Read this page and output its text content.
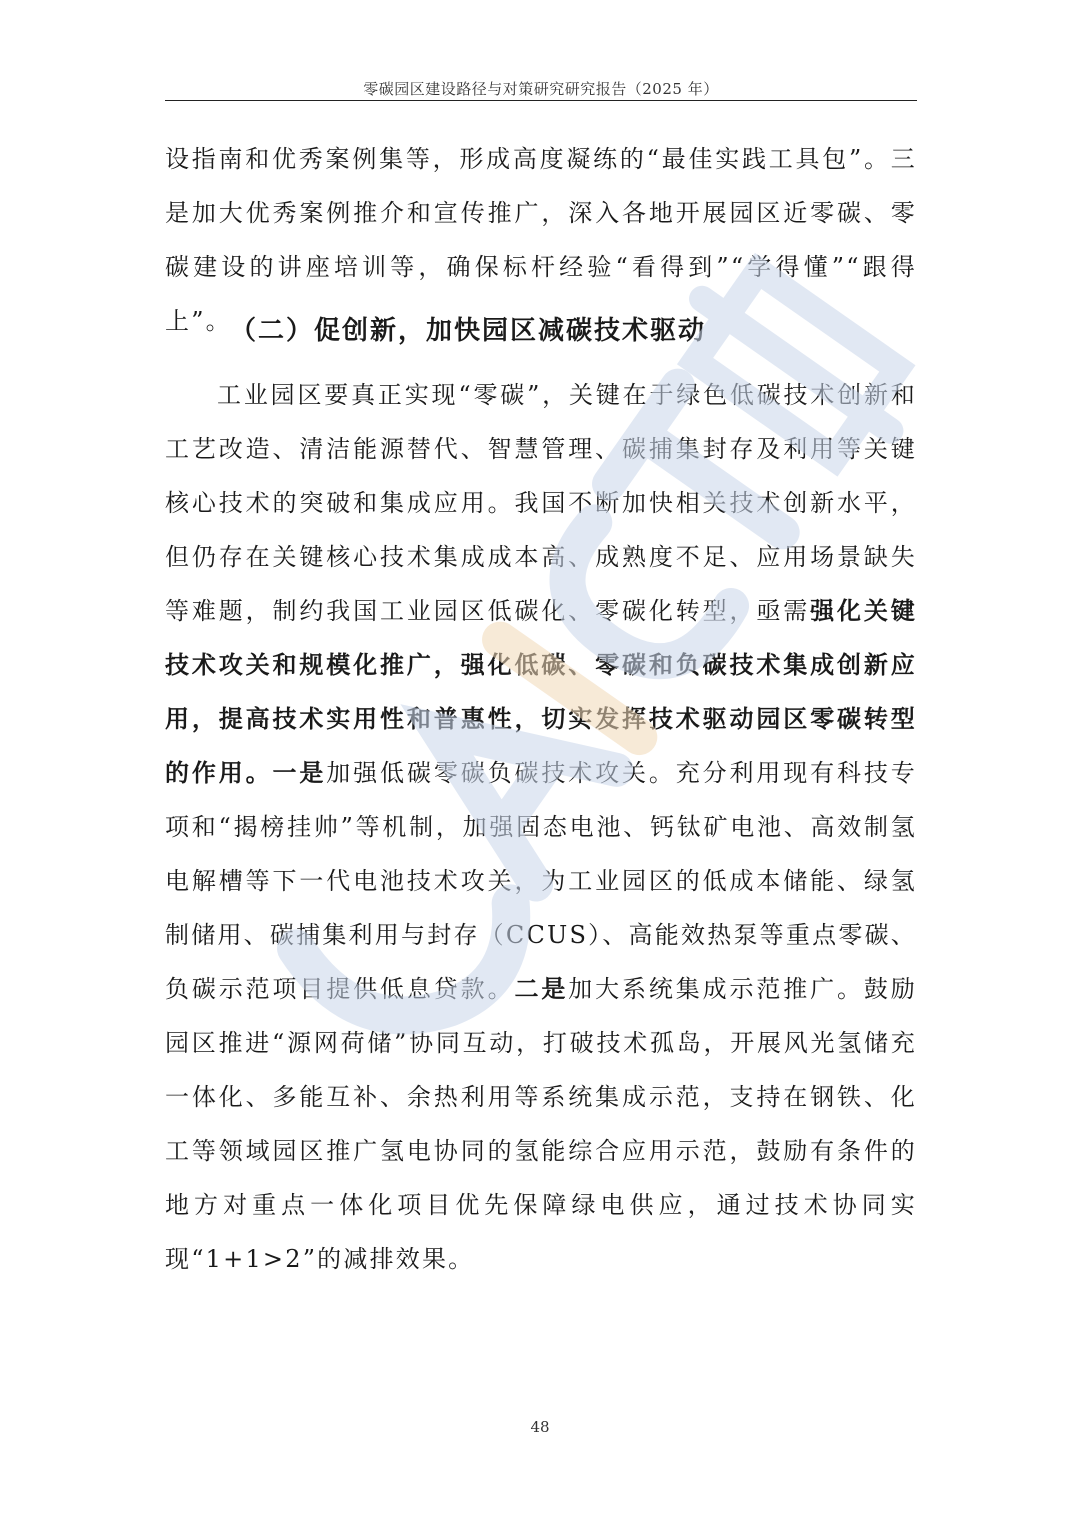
零碳园区建设路径与对策研究研究报告（2025 年）
设指南和优秀案例集等，形成高度凝练的“最佳实践工具包”。三是加大优秀案例推介和宣传推广，深入各地开展园区近零碳、零碳建设的讲座培训等，确保标杆经验“看得到”“学得懂”“跟得上”。
（二）促创新，加快园区减碳技术驱动
工业园区要真正实现“零碳”，关键在于绿色低碳技术创新和工艺改造、清洁能源替代、智慧管理、碳捕集封存及利用等关键核心技术的突破和集成应用。我国不断加快相关技术创新水平，但仍存在关键核心技术集成成本高、成熟度不足、应用场景缺失等难题，制约我国工业园区低碳化、零碳化转型，亟需强化关键技术攻关和规模化推广，强化低碳、零碳和负碳技术集成创新应用，提高技术实用性和普惠性，切实发挥技术驱动园区零碳转型的作用。一是加强低碳零碳负碳技术攻关。充分利用现有科技专项和“揭榜挂帅”等机制，加强固态电池、钙钛矿电池、高效制氢电解槽等下一代电池技术攻关，为工业园区的低成本储能、绿氢制储用、碳捕集利用与封存（CCUS）、高能效热泵等重点零碳、负碳示范项目提供低息贷款。二是加大系统集成示范推广。鼓励园区推进“源网荷储”协同互动，打破技术孤岛，开展风光氢储充一体化、多能互补、余热利用等系统集成示范，支持在钢铁、化工等领域园区推广氢电协同的氢能综合应用示范，鼓励有条件的地方对重点一体化项目优先保障绿电供应，通过技术协同实现“1+1>2”的减排效果。
48
